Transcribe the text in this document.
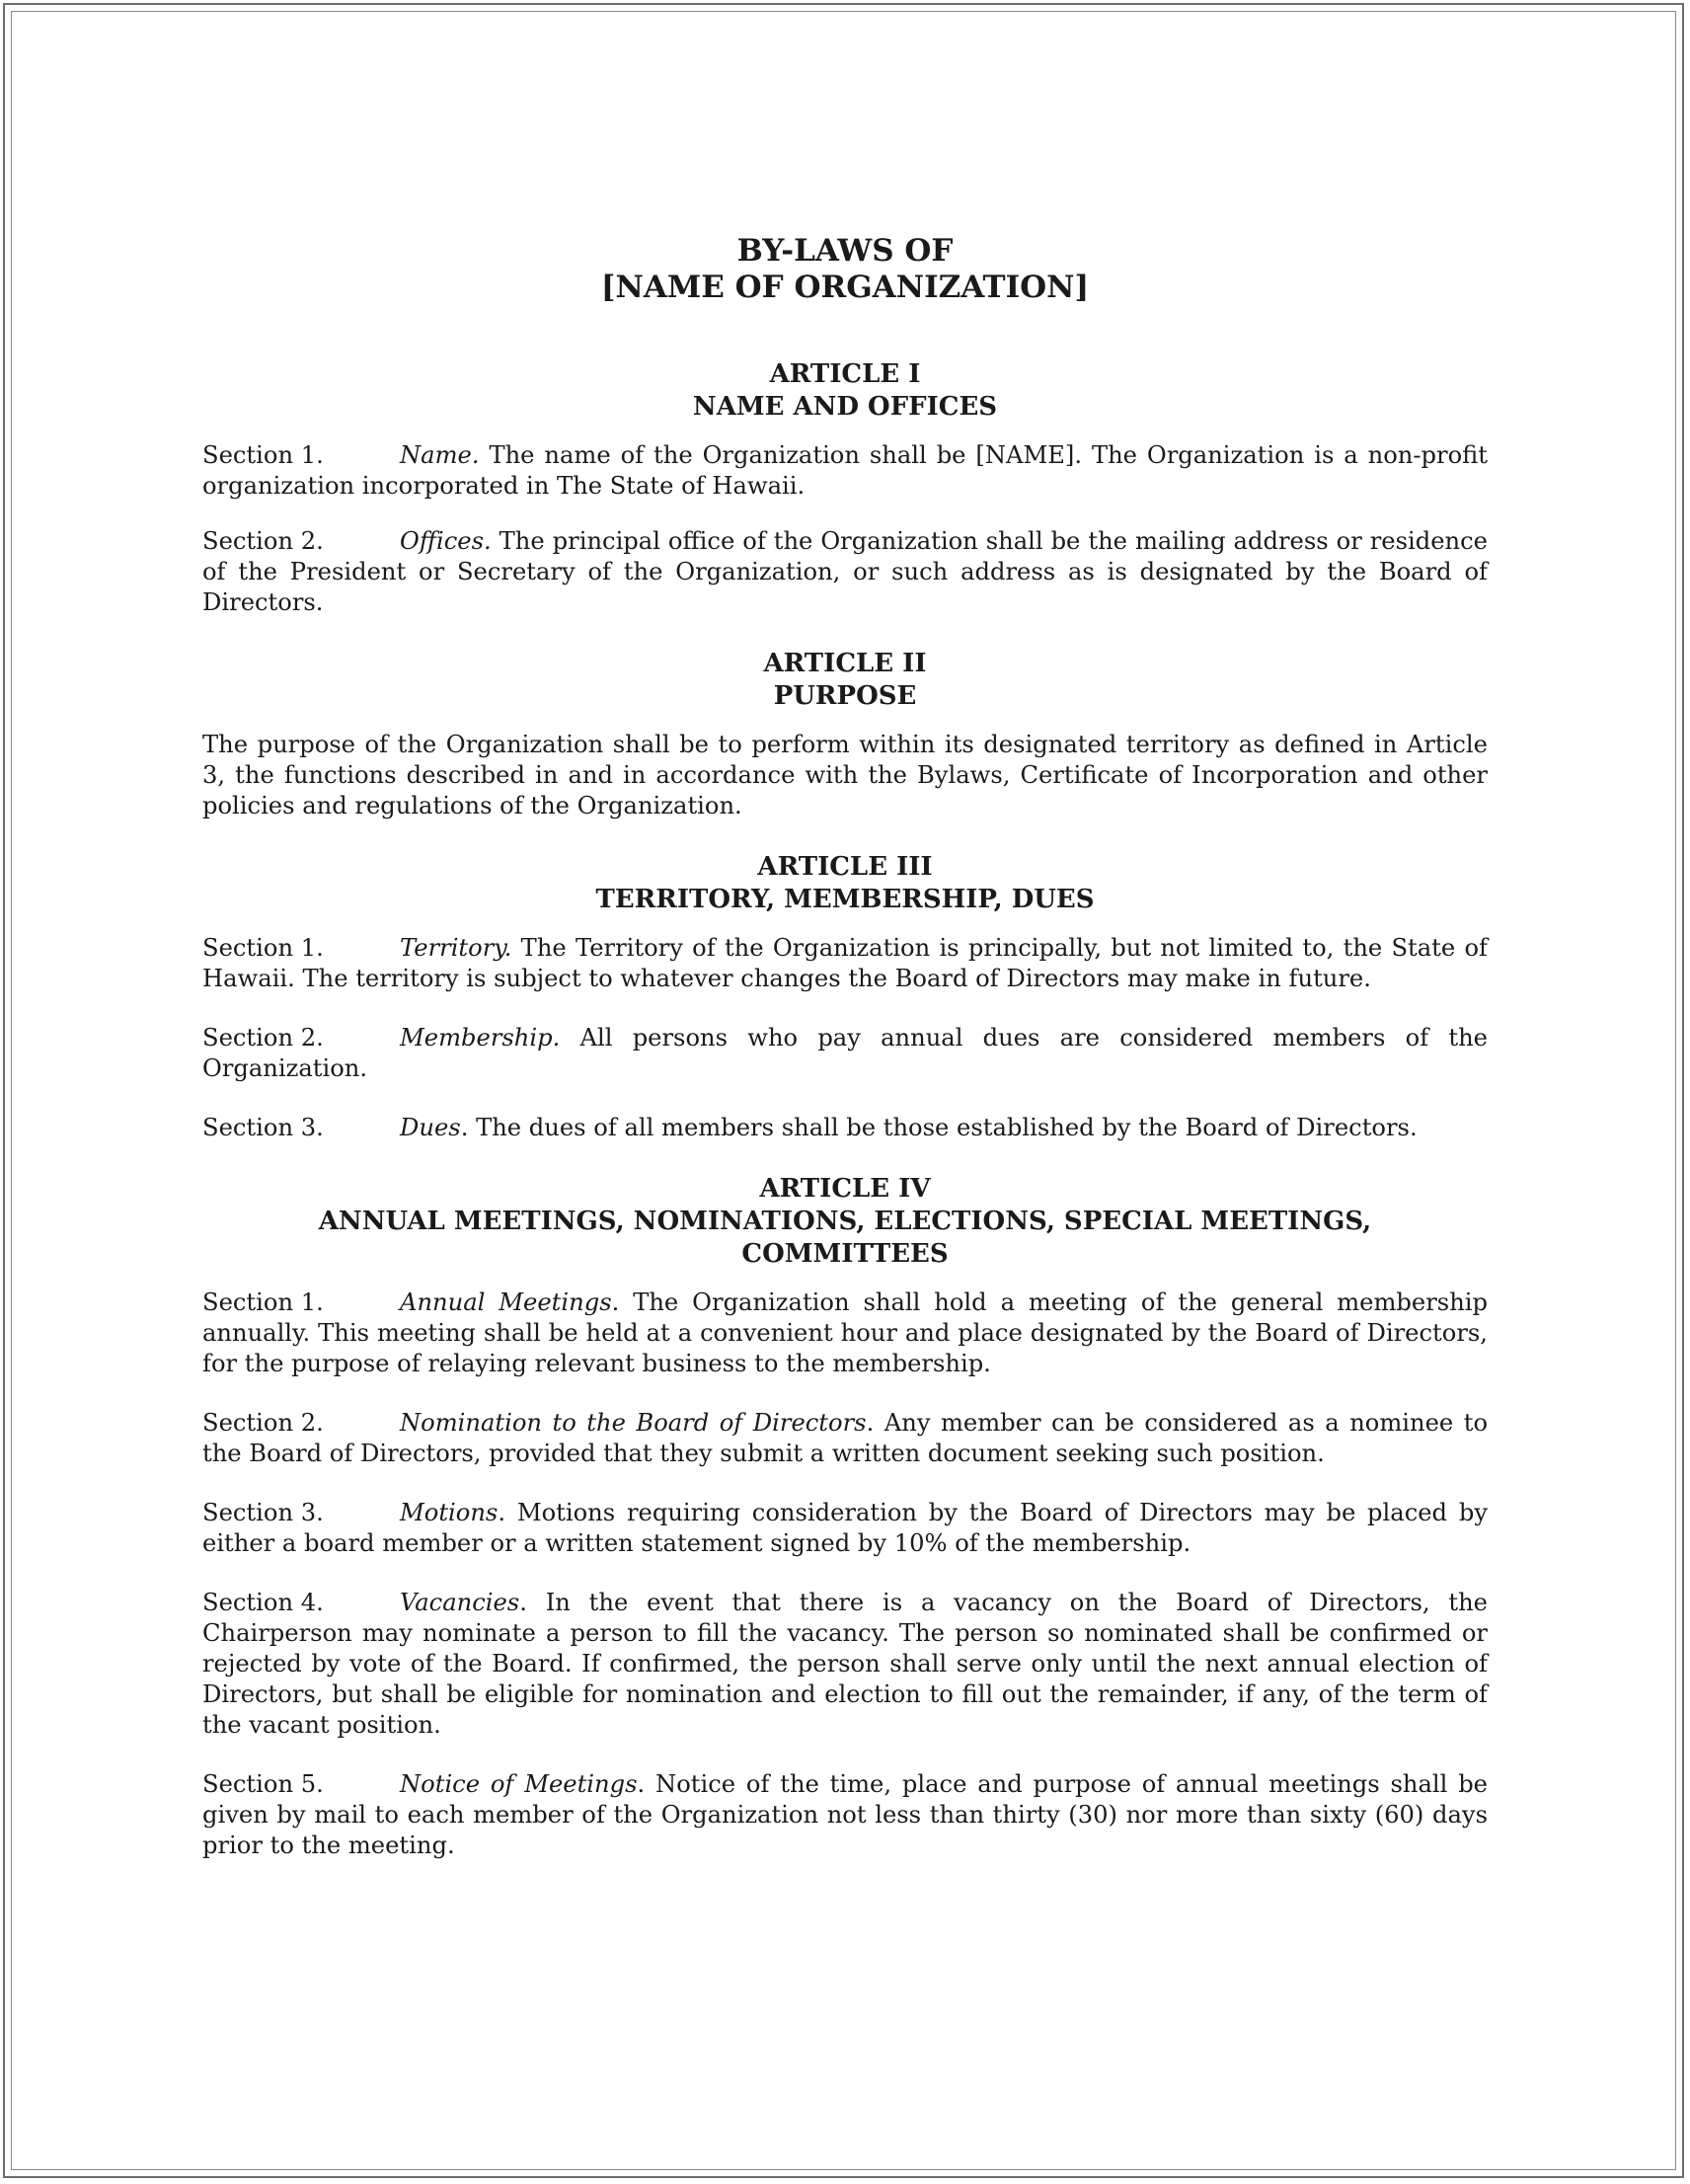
BY-LAWS OF
[NAME OF ORGANIZATION]
ARTICLE I
NAME AND OFFICES

Section 1.	Name. The name of the Organization shall be [NAME]. The Organization is a non-profit organization incorporated in The State of Hawaii.

Section 2.	Offices. The principal office of the Organization shall be the mailing address or residence of the President or Secretary of the Organization, or such address as is designated by the Board of Directors.

ARTICLE II
PURPOSE

The purpose of the Organization shall be to perform within its designated territory as defined in Article 3, the functions described in and in accordance with the Bylaws, Certificate of Incorporation and other policies and regulations of the Organization.

ARTICLE III
TERRITORY, MEMBERSHIP, DUES

Section 1.	Territory. The Territory of the Organization is principally, but not limited to, the State of Hawaii. The territory is subject to whatever changes the Board of Directors may make in future.

Section 2.	Membership. All persons who pay annual dues are considered members of the Organization.

Section 3.	Dues. The dues of all members shall be those established by the Board of Directors.

ARTICLE IV
ANNUAL MEETINGS, NOMINATIONS, ELECTIONS, SPECIAL MEETINGS,
COMMITTEES

Section 1.	Annual Meetings. The Organization shall hold a meeting of the general membership annually. This meeting shall be held at a convenient hour and place designated by the Board of Directors, for the purpose of relaying relevant business to the membership.

Section 2.	Nomination to the Board of Directors. Any member can be considered as a nominee to the Board of Directors, provided that they submit a written document seeking such position.

Section 3.	Motions. Motions requiring consideration by the Board of Directors may be placed by either a board member or a written statement signed by 10% of the membership.

Section 4.	Vacancies. In the event that there is a vacancy on the Board of Directors, the Chairperson may nominate a person to fill the vacancy. The person so nominated shall be confirmed or rejected by vote of the Board. If confirmed, the person shall serve only until the next annual election of Directors, but shall be eligible for nomination and election to fill out the remainder, if any, of the term of the vacant position.

Section 5.	Notice of Meetings. Notice of the time, place and purpose of annual meetings shall be given by mail to each member of the Organization not less than thirty (30) nor more than sixty (60) days prior to the meeting.
